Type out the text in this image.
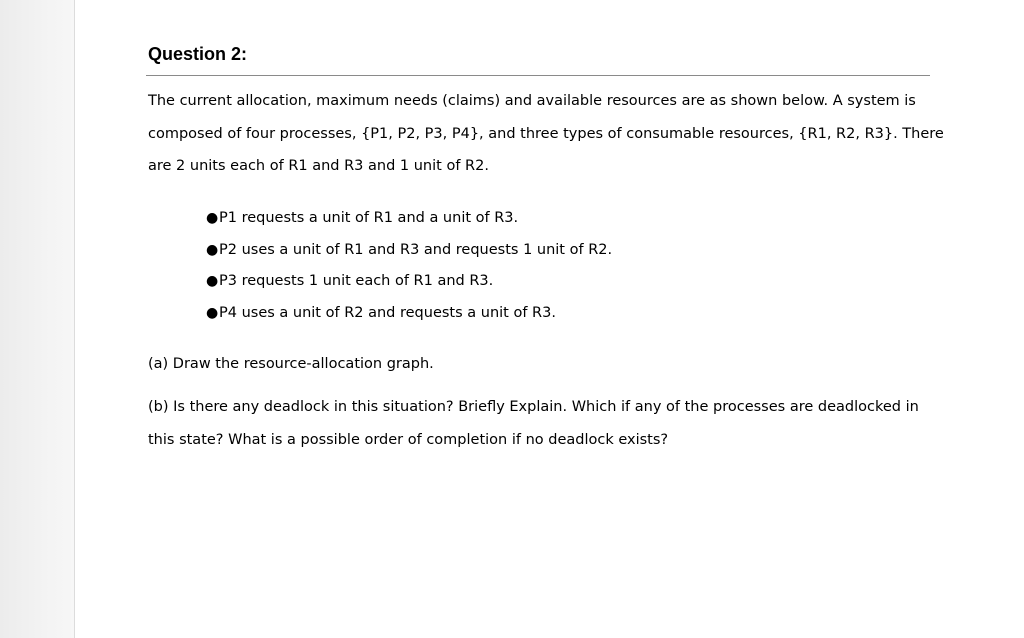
Question 2:

The current allocation, maximum needs (claims) and available resources are as shown below. A system is
composed of four processes, {P1, P2, P3, P4}, and three types of consumable resources, {R1, R2, R3}. There
are 2 units each of R1 and R3 and 1 unit of R2.

● P1 requests a unit of R1 and a unit of R3.
● P2 uses a unit of R1 and R3 and requests 1 unit of R2.
● P3 requests 1 unit each of R1 and R3.
● P4 uses a unit of R2 and requests a unit of R3.

(a) Draw the resource-allocation graph.

(b) Is there any deadlock in this situation? Briefly Explain. Which if any of the processes are deadlocked in
this state? What is a possible order of completion if no deadlock exists?
